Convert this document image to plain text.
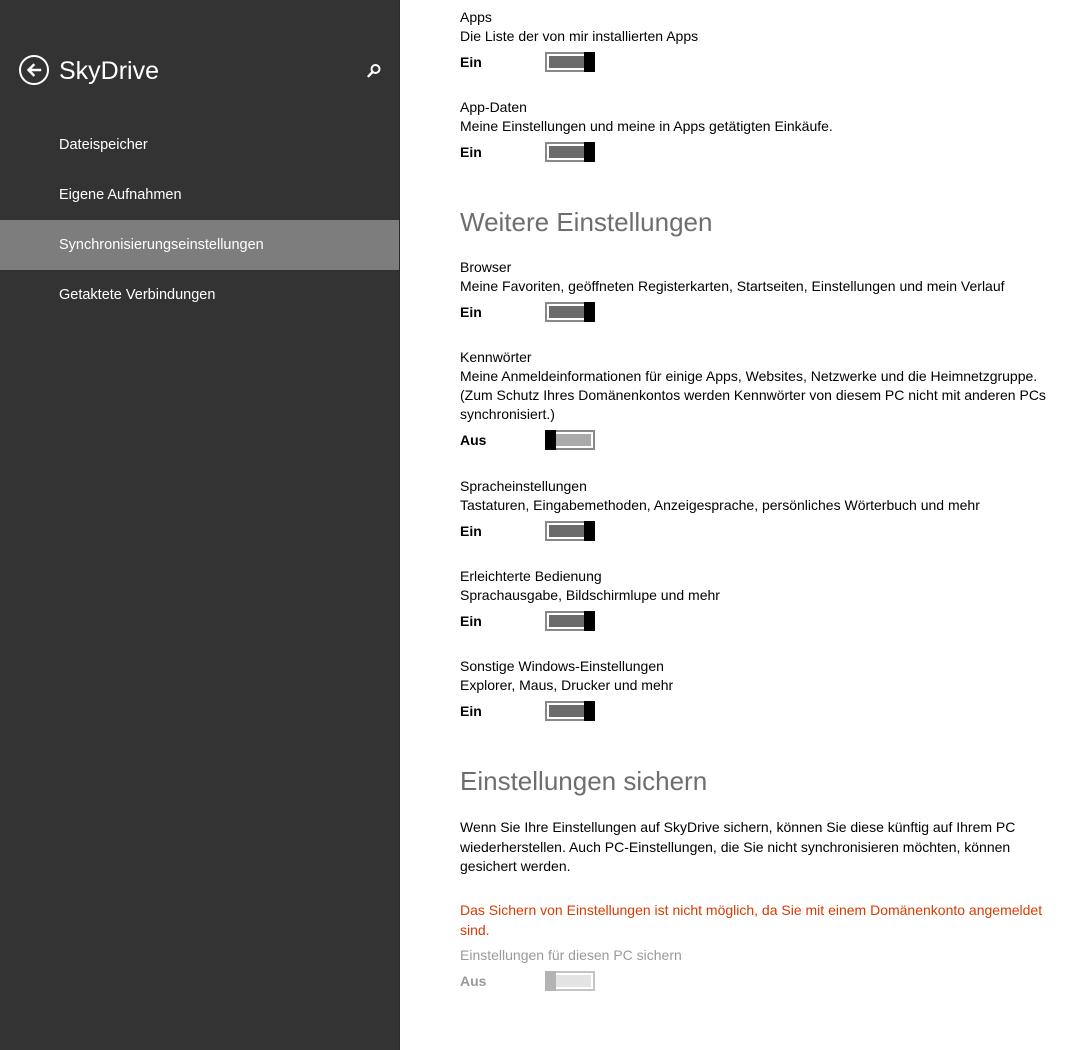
SkyDrive
Dateispeicher
Eigene Aufnahmen
Synchronisierungseinstellungen
Getaktete Verbindungen
Apps
Die Liste der von mir installierten Apps
Ein
App-Daten
Meine Einstellungen und meine in Apps getätigten Einkäufe.
Ein
Weitere Einstellungen
Browser
Meine Favoriten, geöffneten Registerkarten, Startseiten, Einstellungen und mein Verlauf
Ein
Kennwörter
Meine Anmeldeinformationen für einige Apps, Websites, Netzwerke und die Heimnetzgruppe. (Zum Schutz Ihres Domänenkontos werden Kennwörter von diesem PC nicht mit anderen PCs synchronisiert.)
Aus
Spracheinstellungen
Tastaturen, Eingabemethoden, Anzeigesprache, persönliches Wörterbuch und mehr
Ein
Erleichterte Bedienung
Sprachausgabe, Bildschirmlupe und mehr
Ein
Sonstige Windows-Einstellungen
Explorer, Maus, Drucker und mehr
Ein
Einstellungen sichern
Wenn Sie Ihre Einstellungen auf SkyDrive sichern, können Sie diese künftig auf Ihrem PC wiederherstellen. Auch PC-Einstellungen, die Sie nicht synchronisieren möchten, können gesichert werden.
Das Sichern von Einstellungen ist nicht möglich, da Sie mit einem Domänenkonto angemeldet sind.
Einstellungen für diesen PC sichern
Aus
